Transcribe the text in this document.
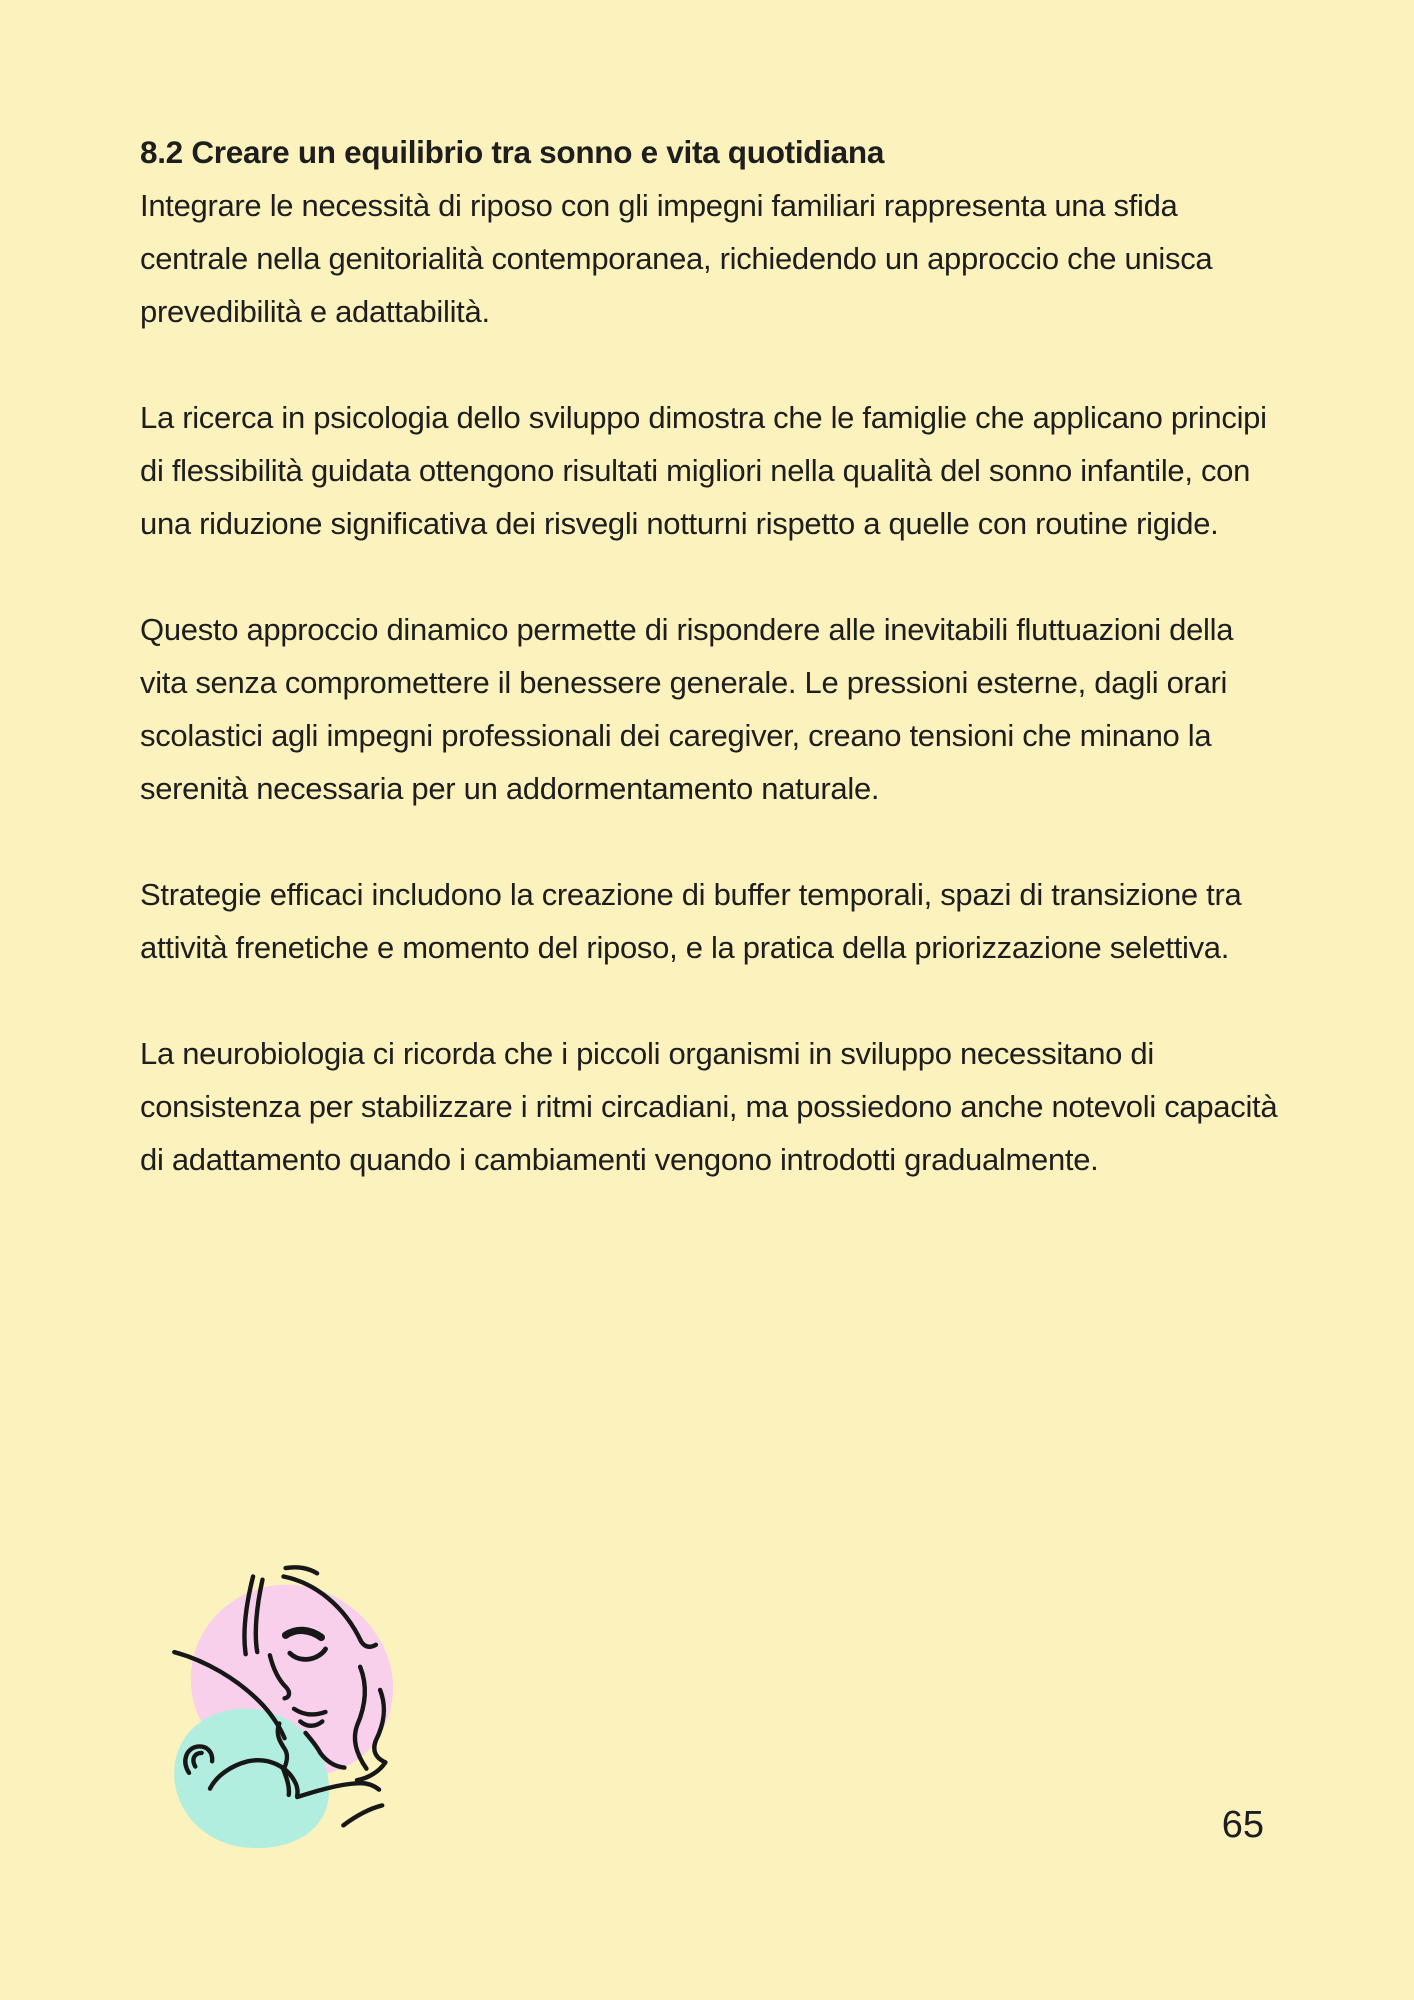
8.2 Creare un equilibrio tra sonno e vita quotidiana

Integrare le necessità di riposo con gli impegni familiari rappresenta una sfida centrale nella genitorialità contemporanea, richiedendo un approccio che unisca prevedibilità e adattabilità.

La ricerca in psicologia dello sviluppo dimostra che le famiglie che applicano principi di flessibilità guidata ottengono risultati migliori nella qualità del sonno infantile, con una riduzione significativa dei risvegli notturni rispetto a quelle con routine rigide.

Questo approccio dinamico permette di rispondere alle inevitabili fluttuazioni della vita senza compromettere il benessere generale. Le pressioni esterne, dagli orari scolastici agli impegni professionali dei caregiver, creano tensioni che minano la serenità necessaria per un addormentamento naturale.

Strategie efficaci includono la creazione di buffer temporali, spazi di transizione tra attività frenetiche e momento del riposo, e la pratica della priorizzazione selettiva.

La neurobiologia ci ricorda che i piccoli organismi in sviluppo necessitano di consistenza per stabilizzare i ritmi circadiani, ma possiedono anche notevoli capacità di adattamento quando i cambiamenti vengono introdotti gradualmente.

65
